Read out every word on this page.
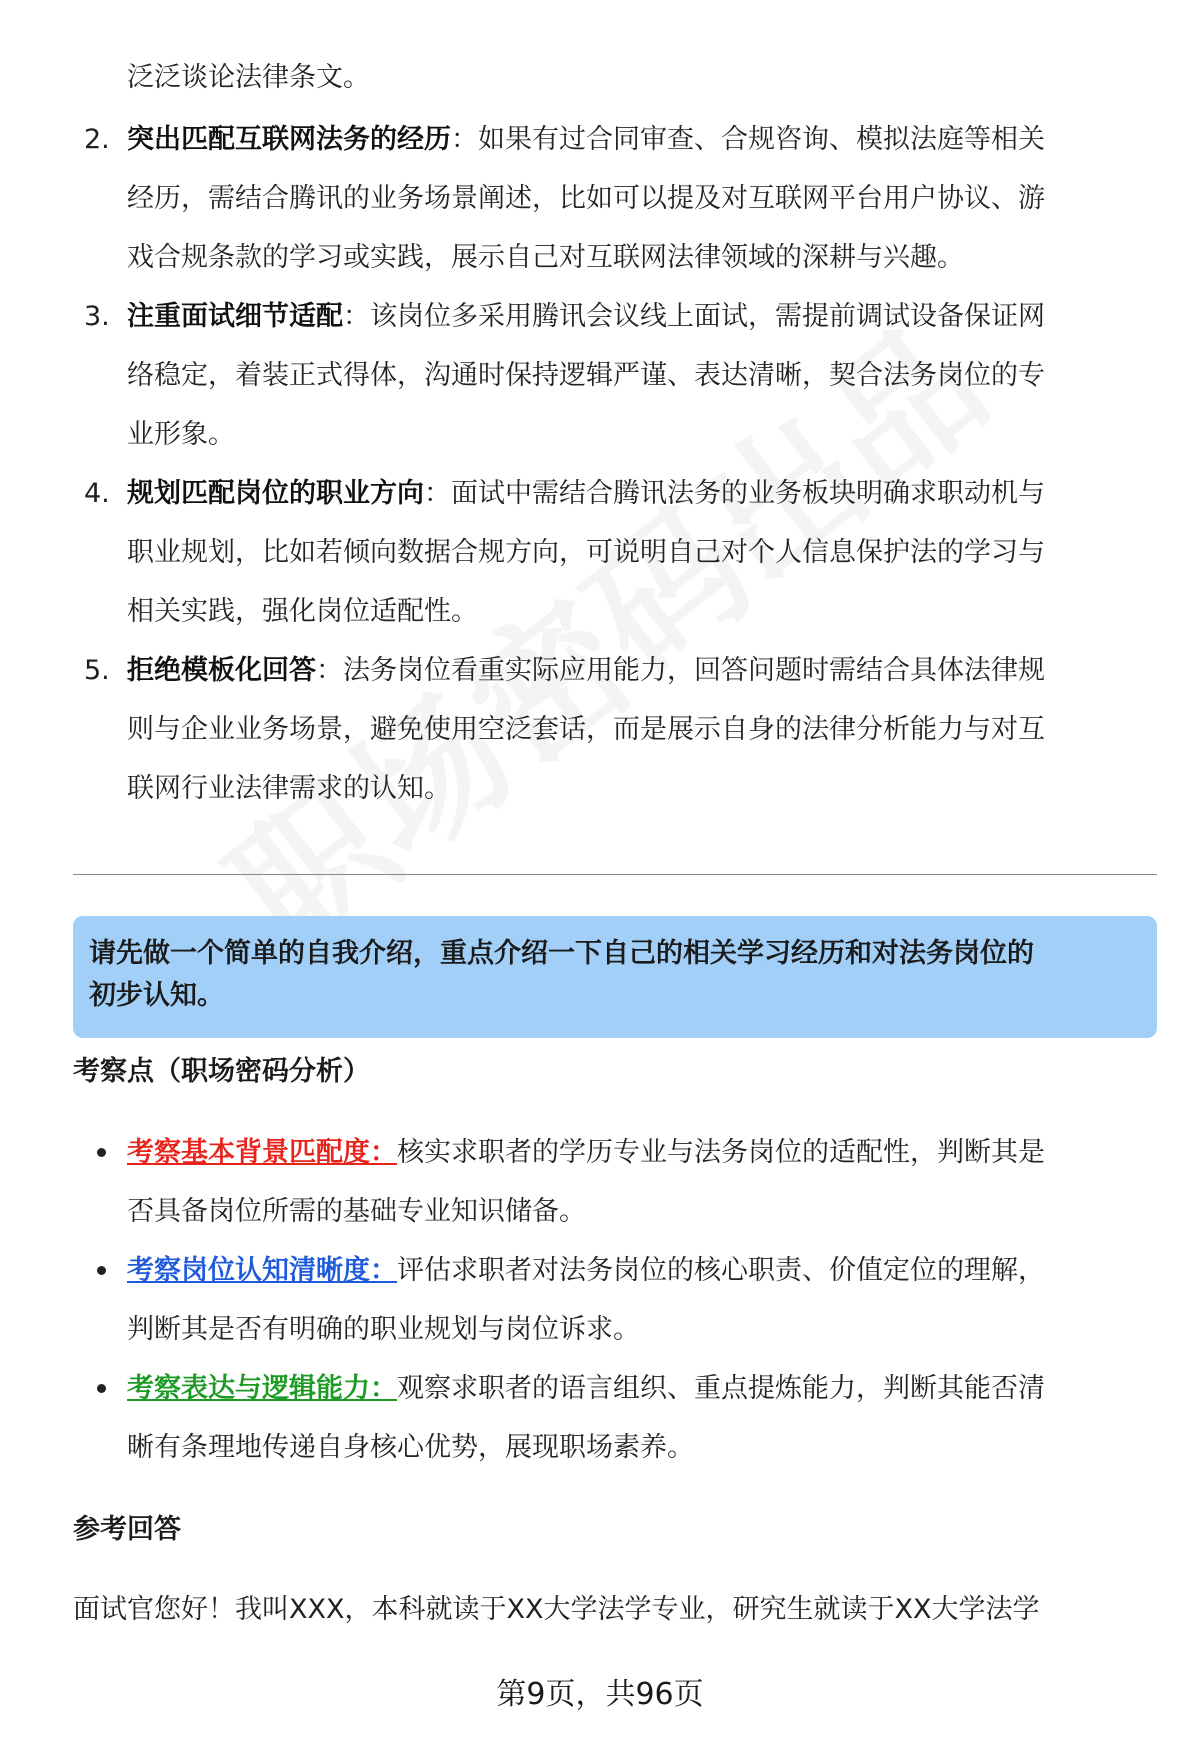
泛泛谈论法律条文。
2. 突出匹配互联网法务的经历：如果有过合同审查、合规咨询、模拟法庭等相关
经历，需结合腾讯的业务场景阐述，比如可以提及对互联网平台用户协议、游
戏合规条款的学习或实践，展示自己对互联网法律领域的深耕与兴趣。
3. 注重面试细节适配：该岗位多采用腾讯会议线上面试，需提前调试设备保证网
络稳定，着装正式得体，沟通时保持逻辑严谨、表达清晰，契合法务岗位的专
业形象。
4. 规划匹配岗位的职业方向：面试中需结合腾讯法务的业务板块明确求职动机与
职业规划，比如若倾向数据合规方向，可说明自己对个人信息保护法的学习与
相关实践，强化岗位适配性。
5. 拒绝模板化回答：法务岗位看重实际应用能力，回答问题时需结合具体法律规
则与企业业务场景，避免使用空泛套话，而是展示自身的法律分析能力与对互
联网行业法律需求的认知。
请先做一个简单的自我介绍，重点介绍一下自己的相关学习经历和对法务岗位的
初步认知。
考察点（职场密码分析）
考察基本背景匹配度：核实求职者的学历专业与法务岗位的适配性，判断其是
否具备岗位所需的基础专业知识储备。
考察岗位认知清晰度：评估求职者对法务岗位的核心职责、价值定位的理解，
判断其是否有明确的职业规划与岗位诉求。
考察表达与逻辑能力：观察求职者的语言组织、重点提炼能力，判断其能否清
晰有条理地传递自身核心优势，展现职场素养。
参考回答
面试官您好！我叫XXX，本科就读于XX大学法学专业，研究生就读于XX大学法学
第9页，共96页
